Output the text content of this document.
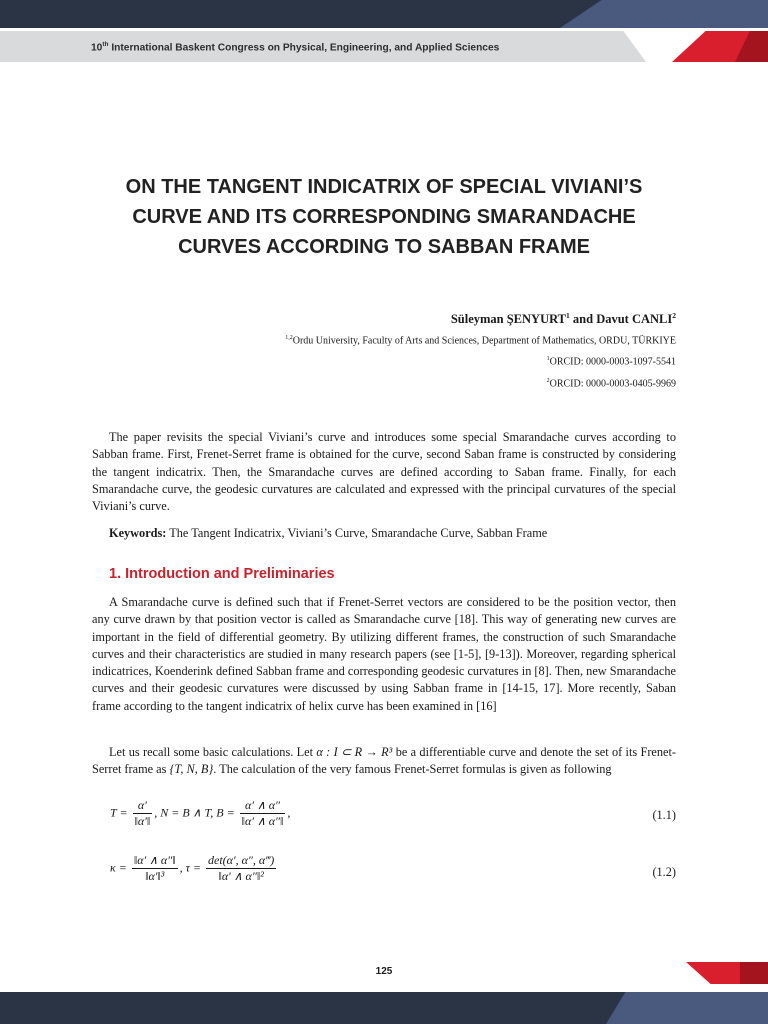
10th International Baskent Congress on Physical, Engineering, and Applied Sciences
ON THE TANGENT INDICATRIX OF SPECIAL VIVIANI’S
CURVE AND ITS CORRESPONDING SMARANDACHE
CURVES ACCORDING TO SABBAN FRAME
Süleyman ŞENYURT$^1$ and Davut CANLI$^2$
$^{1,2}$Ordu University, Faculty of Arts and Sciences, Department of Mathematics, ORDU, TÜRKIYE
$^1$ORCID: 0000-0003-1097-5541
$^2$ORCID: 0000-0003-0405-9969

The paper revisits the special Viviani’s curve and introduces some special Smarandache curves according to Sabban frame. First, Frenet-Serret frame is obtained for the curve, second Saban frame is constructed by considering the tangent indicatrix. Then, the Smarandache curves are defined according to Saban frame. Finally, for each Smarandache curve, the geodesic curvatures are calculated and expressed with the principal curvatures of the special Viviani’s curve.

Keywords: The Tangent Indicatrix, Viviani’s Curve, Smarandache Curve, Sabban Frame
1. Introduction and Preliminaries

A Smarandache curve is defined such that if Frenet-Serret vectors are considered to be the position vector, then any curve drawn by that position vector is called as Smarandache curve [18]. This way of generating new curves are important in the field of differential geometry. By utilizing different frames, the construction of such Smarandache curves and their characteristics are studied in many research papers (see [1-5], [9-13]). Moreover, regarding spherical indicatrices, Koenderink defined Sabban frame and corresponding geodesic curvatures in [8]. Then, new Smarandache curves and their geodesic curvatures were discussed by using Sabban frame in [14-15, 17]. More recently, Saban frame according to the tangent indicatrix of helix curve has been examined in [16]

Let us recall some basic calculations. Let α : I ⊂ R → R³ be a differentiable curve and denote the set of its Frenet-Serret frame as {T, N, B}. The calculation of the very famous Frenet-Serret formulas is given as following

$T = \frac{\alpha'}{‖\alpha'‖}$ , N = B ∧ T, $B = \frac{\alpha' \wedge \alpha''}{‖\alpha' \wedge \alpha''‖}$ ,	(1.1)
$\kappa = \frac{‖\alpha' \wedge \alpha''‖}{\text{‖α′‖³}}$ , $\tau = \frac{\det(\alpha', \alpha'', \alpha‴)}{\text{‖α′ ∧ α″‖²}}$	(1.2)
125
